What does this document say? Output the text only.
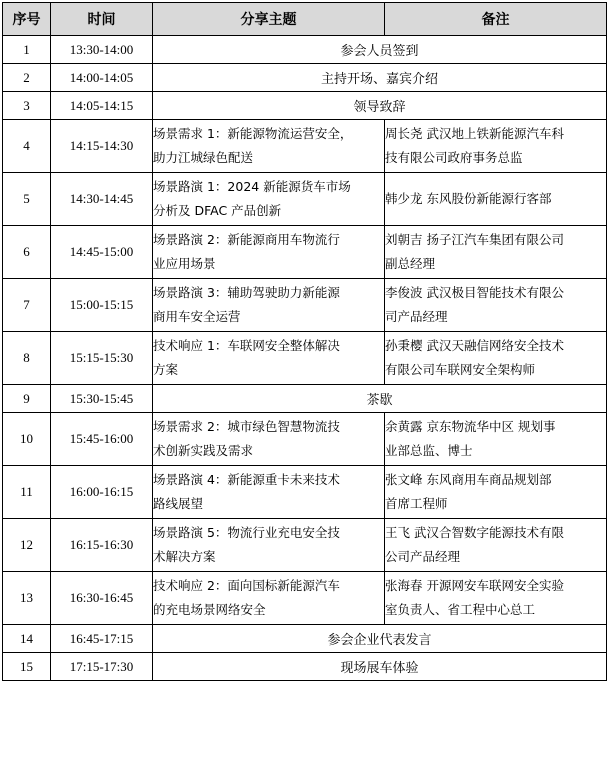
序号	时间	分享主题	备注
1	13:30-14:00	参会人员签到	
2	14:00-14:05	主持开场、嘉宾介绍	
3	14:05-14:15	领导致辞	
4	14:15-14:30	场景需求 1：新能源物流运营安全，
助力江城绿色配送	周长尧 武汉地上铁新能源汽车科
技有限公司政府事务总监

5	14:30-14:45	场景路演 1：2024 新能源货车市场
分析及 DFAC 产品创新	韩少龙 东风股份新能源行客部

6	14:45-15:00	场景路演 2：新能源商用车物流行
业应用场景	刘朝吉 扬子江汽车集团有限公司
副总经理

7	15:00-15:15	场景路演 3：辅助驾驶助力新能源
商用车安全运营	李俊波 武汉极目智能技术有限公
司产品经理

8	15:15-15:30	技术响应 1：车联网安全整体解决
方案	孙秉樱 武汉天融信网络安全技术
有限公司车联网安全架构师

9	15:30-15:45	茶歇	
10	15:45-16:00	场景需求 2：城市绿色智慧物流技
术创新实践及需求	余黄露 京东物流华中区 规划事
业部总监、博士

11	16:00-16:15	场景路演 4：新能源重卡未来技术
路线展望	张文峰 东风商用车商品规划部
首席工程师

12	16:15-16:30	场景路演 5：物流行业充电安全技
术解决方案	王飞 武汉合智数字能源技术有限
公司产品经理

13	16:30-16:45	技术响应 2：面向国标新能源汽车
的充电场景网络安全	张海春 开源网安车联网安全实验
室负责人、省工程中心总工

14	16:45-17:15	参会企业代表发言	
15	17:15-17:30	现场展车体验	
